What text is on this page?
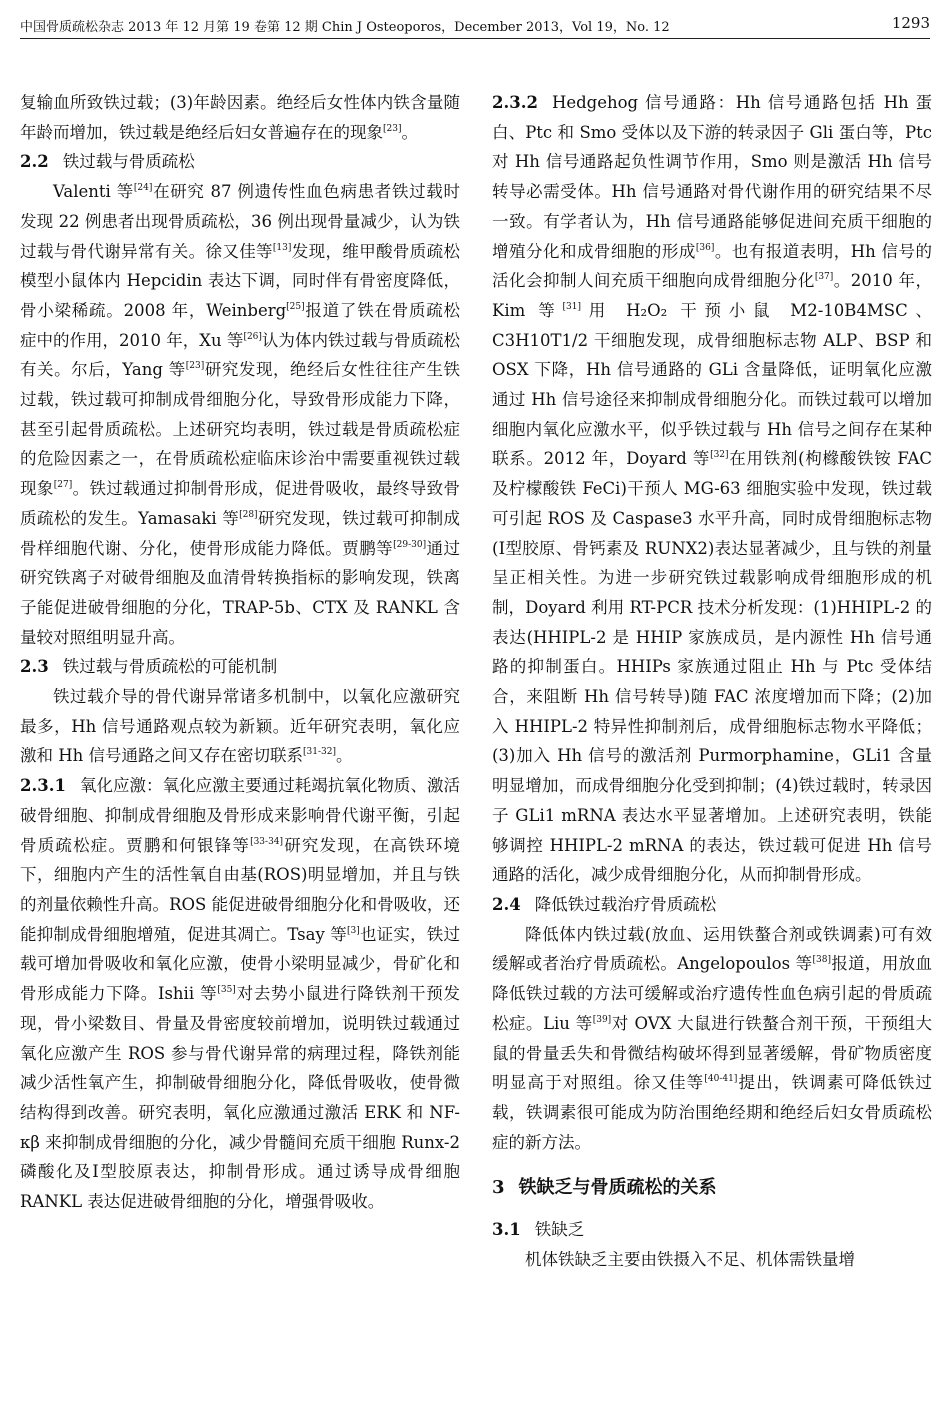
中国骨质疏松杂志 2013 年 12 月第 19 卷第 12 期 Chin J Osteoporos，December 2013，Vol 19，No. 12	1293

复输血所致铁过载；(3)年龄因素。绝经后女性体内铁含量随年龄而增加，铁过载是绝经后妇女普遍存在的现象[23]。

2.2 铁过载与骨质疏松

Valenti 等[24]在研究 87 例遗传性血色病患者铁过载时发现 22 例患者出现骨质疏松，36 例出现骨量减少，认为铁过载与骨代谢异常有关。徐又佳等[13]发现，维甲酸骨质疏松模型小鼠体内 Hepcidin 表达下调，同时伴有骨密度降低，骨小梁稀疏。2008 年，Weinberg[25]报道了铁在骨质疏松症中的作用，2010 年，Xu 等[26]认为体内铁过载与骨质疏松有关。尔后，Yang 等[23]研究发现，绝经后女性往往产生铁过载，铁过载可抑制成骨细胞分化，导致骨形成能力下降，甚至引起骨质疏松。上述研究均表明，铁过载是骨质疏松症的危险因素之一，在骨质疏松症临床诊治中需要重视铁过载现象[27]。铁过载通过抑制骨形成，促进骨吸收，最终导致骨质疏松的发生。Yamasaki 等[28]研究发现，铁过载可抑制成骨样细胞代谢、分化，使骨形成能力降低。贾鹏等[29-30]通过研究铁离子对破骨细胞及血清骨转换指标的影响发现，铁离子能促进破骨细胞的分化，TRAP-5b、CTX 及 RANKL 含量较对照组明显升高。

2.3 铁过载与骨质疏松的可能机制

铁过载介导的骨代谢异常诸多机制中，以氧化应激研究最多，Hh 信号通路观点较为新颖。近年研究表明，氧化应激和 Hh 信号通路之间又存在密切联系[31-32]。

2.3.1 氧化应激：氧化应激主要通过耗竭抗氧化物质、激活破骨细胞、抑制成骨细胞及骨形成来影响骨代谢平衡，引起骨质疏松症。贾鹏和何银锋等[33-34]研究发现，在高铁环境下，细胞内产生的活性氧自由基(ROS)明显增加，并且与铁的剂量依赖性升高。ROS 能促进破骨细胞分化和骨吸收，还能抑制成骨细胞增殖，促进其凋亡。Tsay 等[3]也证实，铁过载可增加骨吸收和氧化应激，使骨小梁明显减少，骨矿化和骨形成能力下降。Ishii 等[35]对去势小鼠进行降铁剂干预发现，骨小梁数目、骨量及骨密度较前增加，说明铁过载通过氧化应激产生 ROS 参与骨代谢异常的病理过程，降铁剂能减少活性氧产生，抑制破骨细胞分化，降低骨吸收，使骨微结构得到改善。研究表明，氧化应激通过激活 ERK 和 NF-κβ 来抑制成骨细胞的分化，减少骨髓间充质干细胞 Runx-2 磷酸化及Ⅰ型胶原表达，抑制骨形成。通过诱导成骨细胞 RANKL 表达促进破骨细胞的分化，增强骨吸收。

2.3.2 Hedgehog 信号通路：Hh 信号通路包括 Hh 蛋白、Ptc 和 Smo 受体以及下游的转录因子 Gli 蛋白等，Ptc 对 Hh 信号通路起负性调节作用，Smo 则是激活 Hh 信号转导必需受体。Hh 信号通路对骨代谢作用的研究结果不尽一致。有学者认为，Hh 信号通路能够促进间充质干细胞的增殖分化和成骨细胞的形成[36]。也有报道表明，Hh 信号的活化会抑制人间充质干细胞向成骨细胞分化[37]。2010 年，Kim 等[31]用 H₂O₂ 干预小鼠 M2-10B4MSC、C3H10T1/2 干细胞发现，成骨细胞标志物 ALP、BSP 和 OSX 下降，Hh 信号通路的 GLi 含量降低，证明氧化应激通过 Hh 信号途径来抑制成骨细胞分化。而铁过载可以增加细胞内氧化应激水平，似乎铁过载与 Hh 信号之间存在某种联系。2012 年，Doyard 等[32]在用铁剂(枸橼酸铁铵 FAC 及柠檬酸铁 FeCi)干预人 MG-63 细胞实验中发现，铁过载可引起 ROS 及 Caspase3 水平升高，同时成骨细胞标志物(Ⅰ型胶原、骨钙素及 RUNX2)表达显著减少，且与铁的剂量呈正相关性。为进一步研究铁过载影响成骨细胞形成的机制，Doyard 利用 RT-PCR 技术分析发现：(1)HHIPL-2 的表达(HHIPL-2 是 HHIP 家族成员，是内源性 Hh 信号通路的抑制蛋白。HHIPs 家族通过阻止 Hh 与 Ptc 受体结合，来阻断 Hh 信号转导)随 FAC 浓度增加而下降；(2)加入 HHIPL-2 特异性抑制剂后，成骨细胞标志物水平降低；(3)加入 Hh 信号的激活剂 Purmorphamine，GLi1 含量明显增加，而成骨细胞分化受到抑制；(4)铁过载时，转录因子 GLi1 mRNA 表达水平显著增加。上述研究表明，铁能够调控 HHIPL-2 mRNA 的表达，铁过载可促进 Hh 信号通路的活化，减少成骨细胞分化，从而抑制骨形成。

2.4 降低铁过载治疗骨质疏松

降低体内铁过载(放血、运用铁螯合剂或铁调素)可有效缓解或者治疗骨质疏松。Angelopoulos 等[38]报道，用放血降低铁过载的方法可缓解或治疗遗传性血色病引起的骨质疏松症。Liu 等[39]对 OVX 大鼠进行铁螯合剂干预，干预组大鼠的骨量丢失和骨微结构破坏得到显著缓解，骨矿物质密度明显高于对照组。徐又佳等[40-41]提出，铁调素可降低铁过载，铁调素很可能成为防治围绝经期和绝经后妇女骨质疏松症的新方法。

3 铁缺乏与骨质疏松的关系
3.1 铁缺乏

机体铁缺乏主要由铁摄入不足、机体需铁量增
